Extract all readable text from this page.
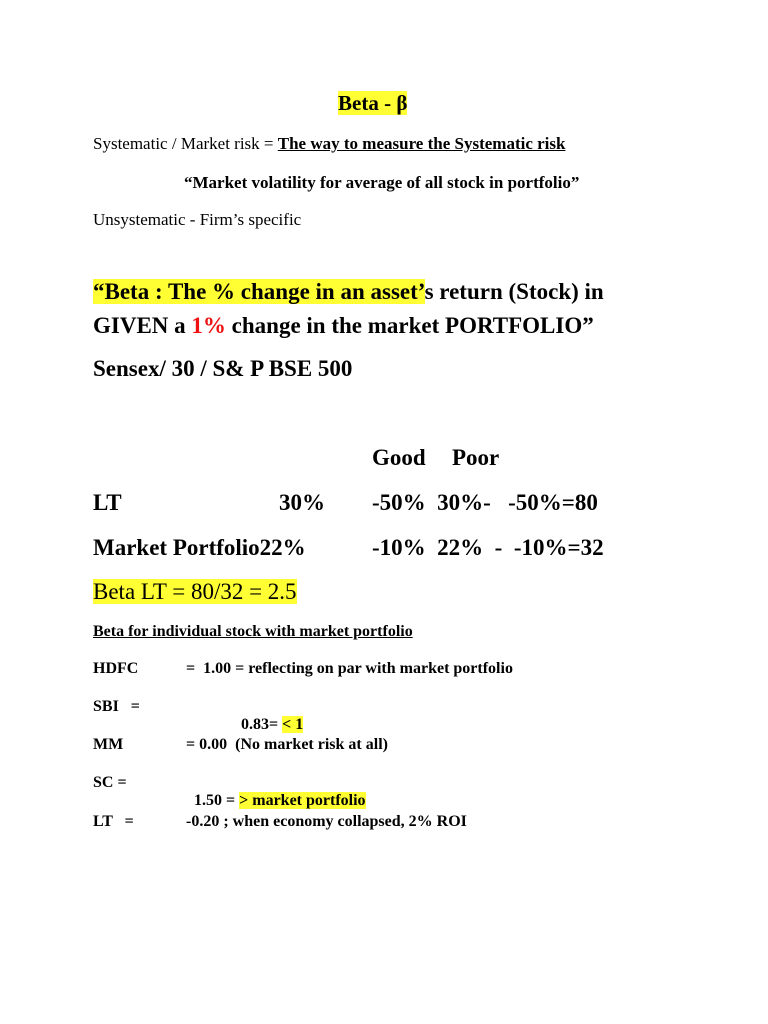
Beta - β
Systematic / Market risk = The way to measure the Systematic risk
“Market volatility for average of all stock in portfolio”
Unsystematic - Firm’s specific
“Beta : The % change in an asset’s return (Stock) in
GIVEN a 1% change in the market PORTFOLIO”
Sensex/ 30 / S& P BSE 500
Good Poor
LT	30% -50%  30%-   -50%=80
Market Portfolio22%	-10%  22%  -  -10%=32
Beta LT = 80/32 = 2.5
Beta for individual stock with market portfolio
HDFC	=  1.00 = reflecting on par with market portfolio
SBI   =

0.83= < 1

MM	= 0.00  (No market risk at all)
SC =

1.50 = > market portfolio

LT   =	-0.20 ; when economy collapsed, 2% ROI
